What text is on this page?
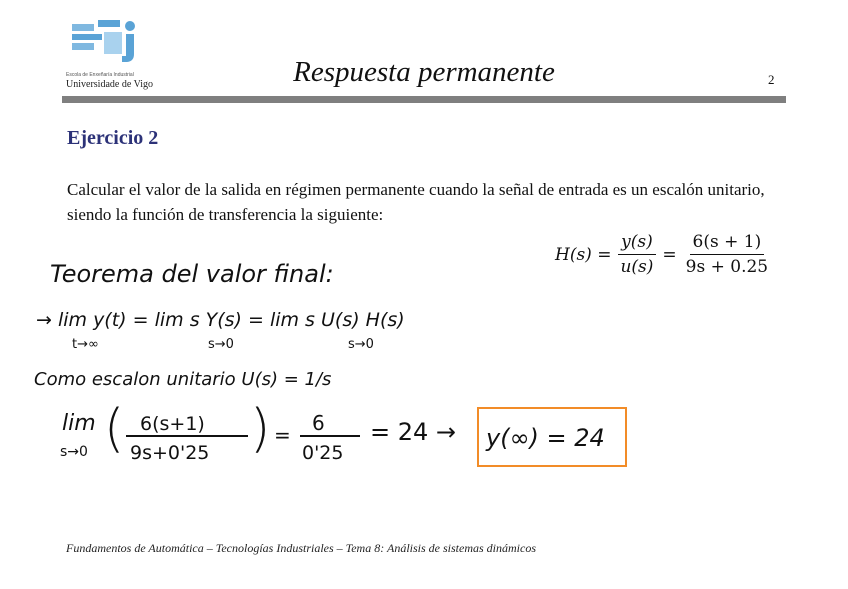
Escola de Enxeñaría Industrial
Universidade de Vigo	Respuesta permanente	2
Ejercicio 2
Calcular el valor de la salida en régimen permanente cuando la señal de entrada es un escalón unitario, siendo la función de transferencia la siguiente:
$H(s) = \frac{y(s)}{u(s)} = \frac{6(s + 1)}{9s + 0.25}$
Teorema del valor final:
→ lim y(t) = lim s Y(s) = lim s U(s) H(s)
t→∞	s→0	s→0
Como escalon unitario U(s) = 1/s
lim
s→0 ( 6(s+1)
9s+0'25 ) = 6
0'25
= 24 → y(∞) = 24
Fundamentos de Automática – Tecnologías Industriales – Tema 8: Análisis de sistemas dinámicos
